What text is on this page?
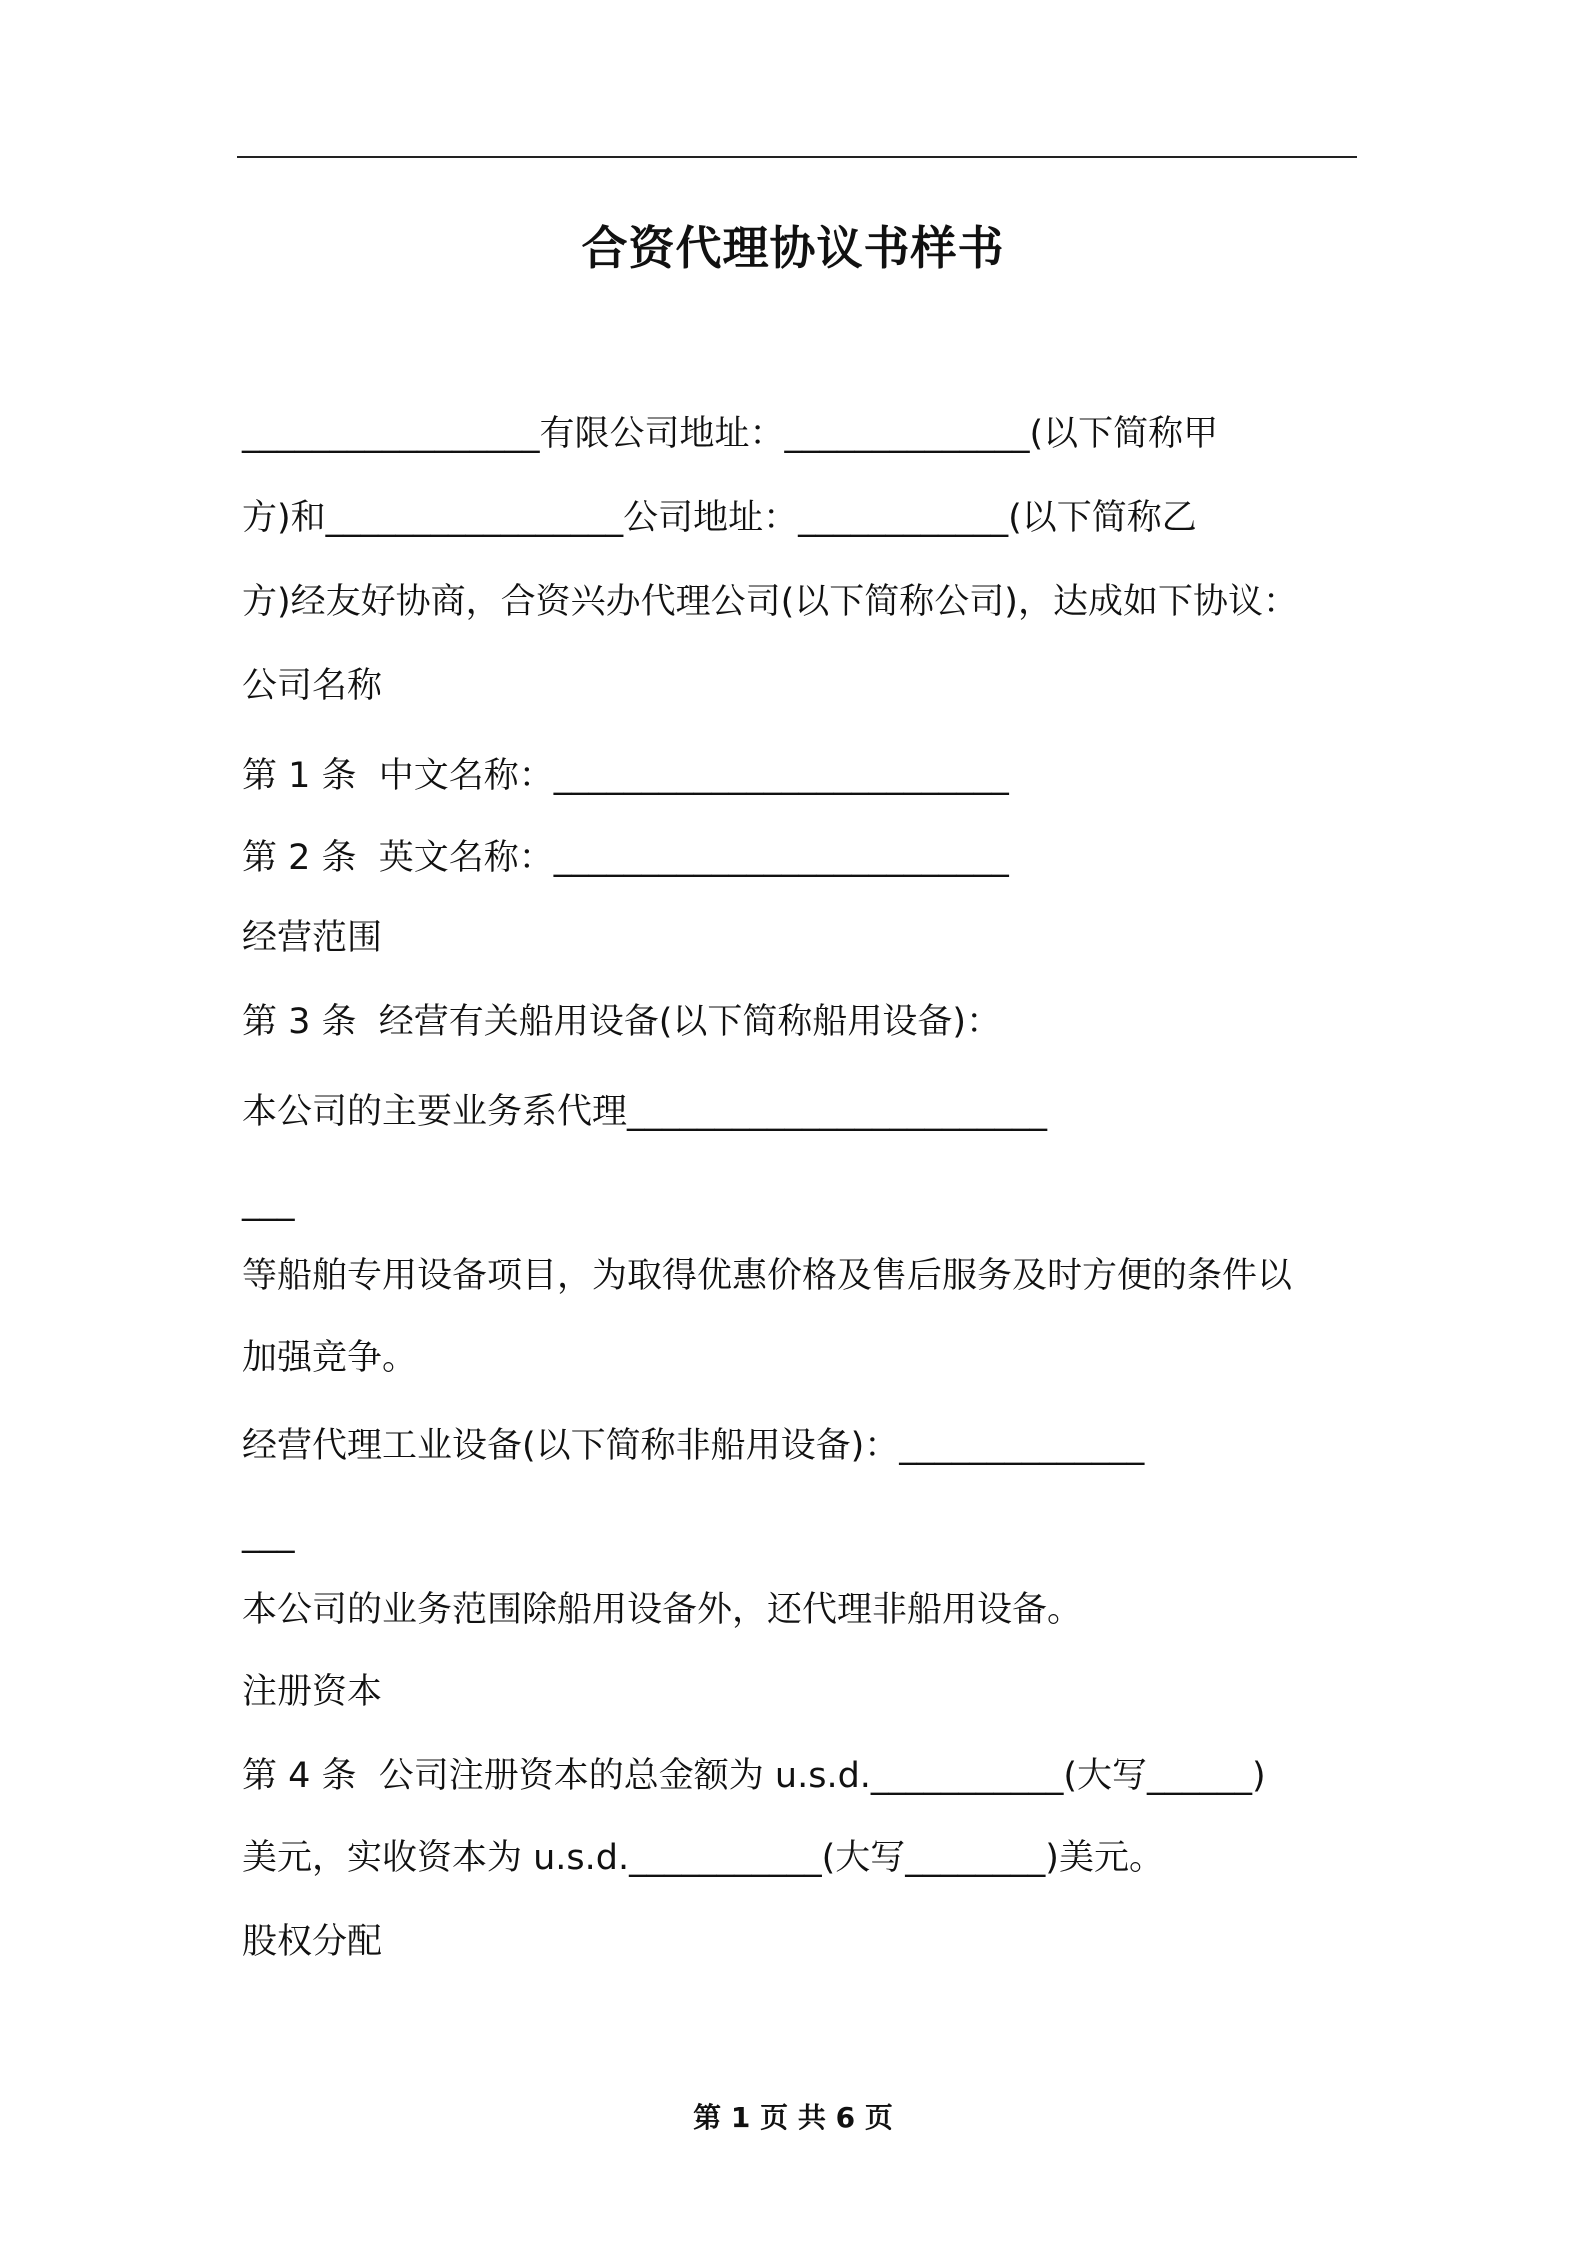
合资代理协议书样书
_________________有限公司地址：______________(以下简称甲
方)和_________________公司地址：____________(以下简称乙
方)经友好协商，合资兴办代理公司(以下简称公司)，达成如下协议：
公司名称
第 1 条  中文名称：__________________________
第 2 条  英文名称：__________________________
经营范围
第 3 条  经营有关船用设备(以下简称船用设备)：
本公司的主要业务系代理________________________
___
等船舶专用设备项目，为取得优惠价格及售后服务及时方便的条件以
加强竞争。
经营代理工业设备(以下简称非船用设备)：______________
___
本公司的业务范围除船用设备外，还代理非船用设备。
注册资本
第 4 条  公司注册资本的总金额为 u.s.d.___________(大写______)
美元，实收资本为 u.s.d.___________(大写________)美元。
股权分配
第 1 页 共 6 页
